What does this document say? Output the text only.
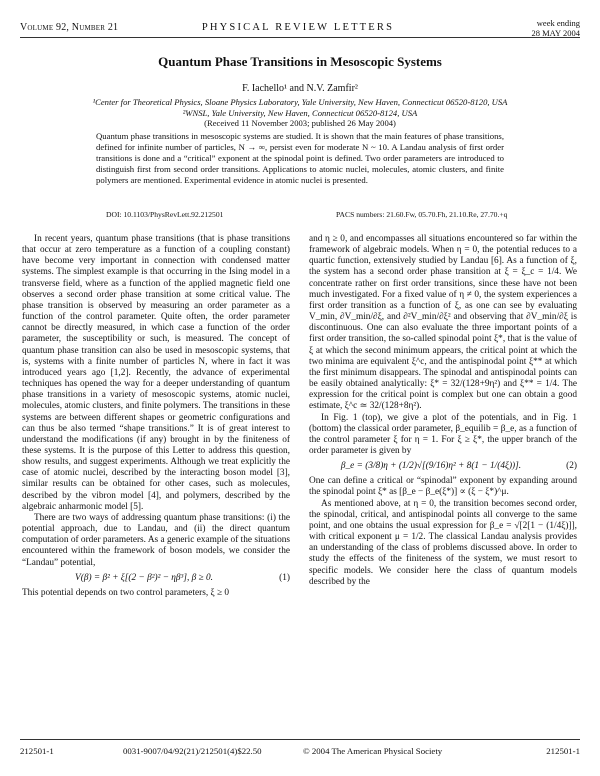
Volume 92, Number 21	PHYSICAL REVIEW LETTERS	week ending
28 MAY 2004
Quantum Phase Transitions in Mesoscopic Systems
F. Iachello¹ and N.V. Zamfir²
¹Center for Theoretical Physics, Sloane Physics Laboratory, Yale University, New Haven, Connecticut 06520-8120, USA
²WNSL, Yale University, New Haven, Connecticut 06520-8124, USA
(Received 11 November 2003; published 26 May 2004)
Quantum phase transitions in mesoscopic systems are studied. It is shown that the main features of phase transitions, defined for infinite number of particles, N → ∞, persist even for moderate N ~ 10. A Landau analysis of first order transitions is done and a “critical” exponent at the spinodal point is defined. Two order parameters are introduced to distinguish first from second order transitions. Applications to atomic nuclei, molecules, atomic clusters, and finite polymers are mentioned. Experimental evidence in atomic nuclei is presented.
DOI: 10.1103/PhysRevLett.92.212501	PACS numbers: 21.60.Fw, 05.70.Fh, 21.10.Re, 27.70.+q

In recent years, quantum phase transitions (that is phase transitions that occur at zero temperature as a function of a coupling constant) have become very important in connection with condensed matter systems. The simplest example is that occurring in the Ising model in a transverse field, where as a function of the applied magnetic field one observes a second order phase transition at some critical value. The phase transition is observed by measuring an order parameter as a function of the control parameter. Quite often, the order parameter cannot be directly measured, in which case a function of the order parameter, the susceptibility or such, is measured. The concept of quantum phase transition can also be used in mesoscopic systems, that is, systems with a finite number of particles N, where in fact it was introduced years ago [1,2]. Recently, the advance of experimental techniques has opened the way for a deeper understanding of quantum phase transitions in a variety of mesoscopic systems, atomic nuclei, molecules, atomic clusters, and finite polymers. The transitions in these systems are between different shapes or geometric configurations and can thus be also termed “shape transitions.” It is of great interest to understand the modifications (if any) brought in by the finiteness of these systems. It is the purpose of this Letter to address this question, show results, and suggest experiments. Although we treat explicitly the case of atomic nuclei, described by the interacting boson model [3], similar results can be obtained for other cases, such as molecules, described by the vibron model [4], and polymers, described by the algebraic anharmonic model [5].

There are two ways of addressing quantum phase transitions: (i) the potential approach, due to Landau, and (ii) the direct quantum computation of order parameters. As a generic example of the situations encountered within the framework of boson models, we consider the “Landau” potential,

V(β) = β² + ξ[(2 − β²)² − ηβ³], β ≥ 0.	(1)

This potential depends on two control parameters, ξ ≥ 0

and η ≥ 0, and encompasses all situations encountered so far within the framework of algebraic models. When η = 0, the potential reduces to a quartic function, extensively studied by Landau [6]. As a function of ξ, the system has a second order phase transition at ξ = ξ_c = 1/4. We concentrate rather on first order transitions, since these have not been much investigated. For a fixed value of η ≠ 0, the system experiences a first order transition as a function of ξ, as one can see by evaluating V_min, ∂V_min/∂ξ, and ∂²V_min/∂ξ² and observing that ∂V_min/∂ξ is discontinuous. One can also evaluate the three important points of a first order transition, the so-called spinodal point ξ*, that is the value of ξ at which the second minimum appears, the critical point at which the two minima are equivalent ξ^c, and the antispinodal point ξ** at which the first minimum disappears. The spinodal and antispinodal points can be easily obtained analytically: ξ* = 32/(128+9η²) and ξ** = 1/4. The expression for the critical point is complex but one can obtain a good estimate, ξ^c ≃ 32/(128+8η²).

In Fig. 1 (top), we give a plot of the potentials, and in Fig. 1 (bottom) the classical order parameter, β_equilib = β_e, as a function of the control parameter ξ for η = 1. For ξ ≥ ξ*, the upper branch of the order parameter is given by

β_e = (3/8)η + (1/2)√[(9/16)η² + 8(1 − 1/(4ξ))].	(2)

One can define a critical or “spinodal” exponent by expanding around the spinodal point ξ* as [β_e − β_e(ξ*)] ∝ (ξ − ξ*)^μ.

As mentioned above, at η = 0, the transition becomes second order, the spinodal, critical, and antispinodal points all converge to the same point, and one obtains the usual expression for β_e = √[2[1 − (1/4ξ)]], with critical exponent μ = 1/2. The classical Landau analysis provides an understanding of the class of problems discussed above. In order to study the effects of the finiteness of the system, we must resort to specific models. We consider here the class of quantum models described by the

212501-1	0031-9007/04/92(21)/212501(4)$22.50	© 2004 The American Physical Society	212501-1
